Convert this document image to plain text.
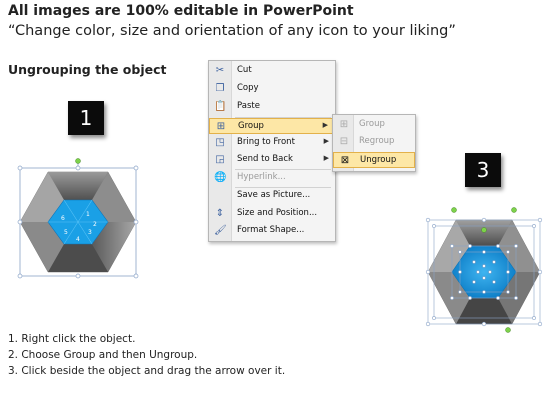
All images are 100% editable in PowerPoint
“Change color, size and orientation of any icon to your liking”
Ungrouping the object
1
3
1
2
3
4
5
6
✂ Cut
❐ Copy
📋 Paste
⊞ Group	▶
◳ Bring to Front	▶
◲ Send to Back	▶
🌐 Hyperlink...
Save as Picture...
⇕ Size and Position...
🖌 Format Shape...
⊞ Group
⊟ Regroup
⊠ Ungroup
1. Right click the object.
2. Choose Group and then Ungroup.
3. Click beside the object and drag the arrow over it.
